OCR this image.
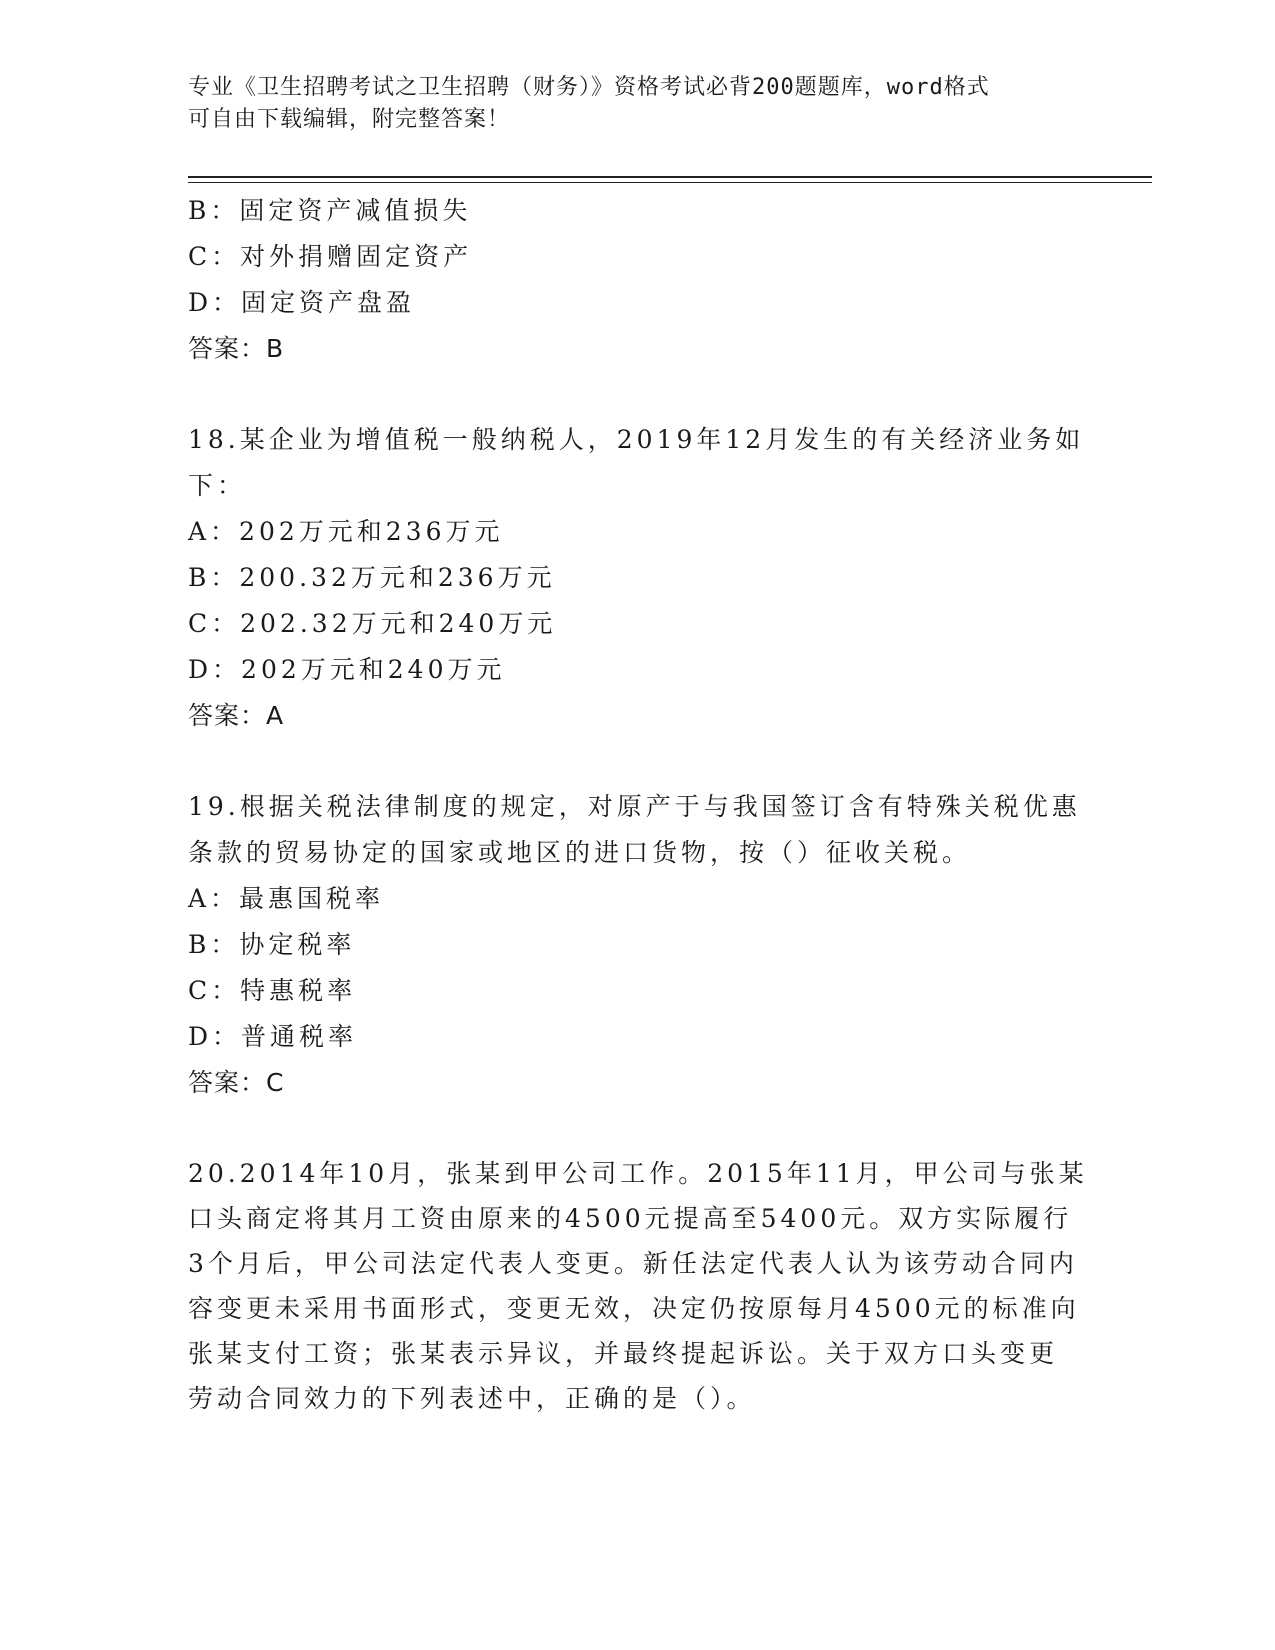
专业《卫生招聘考试之卫生招聘（财务）》资格考试必背200题题库，word格式
可自由下载编辑，附完整答案！
B：固定资产减值损失
C：对外捐赠固定资产
D：固定资产盘盈
答案：B
18.某企业为增值税一般纳税人，2019年12月发生的有关经济业务如
下：
A：202万元和236万元
B：200.32万元和236万元
C：202.32万元和240万元
D：202万元和240万元
答案：A
19.根据关税法律制度的规定，对原产于与我国签订含有特殊关税优惠
条款的贸易协定的国家或地区的进口货物，按（）征收关税。
A：最惠国税率
B：协定税率
C：特惠税率
D：普通税率
答案：C
20.2014年10月，张某到甲公司工作。2015年11月，甲公司与张某
口头商定将其月工资由原来的4500元提高至5400元。双方实际履行
3个月后，甲公司法定代表人变更。新任法定代表人认为该劳动合同内
容变更未采用书面形式，变更无效，决定仍按原每月4500元的标准向
张某支付工资；张某表示异议，并最终提起诉讼。关于双方口头变更
劳动合同效力的下列表述中，正确的是（）。
